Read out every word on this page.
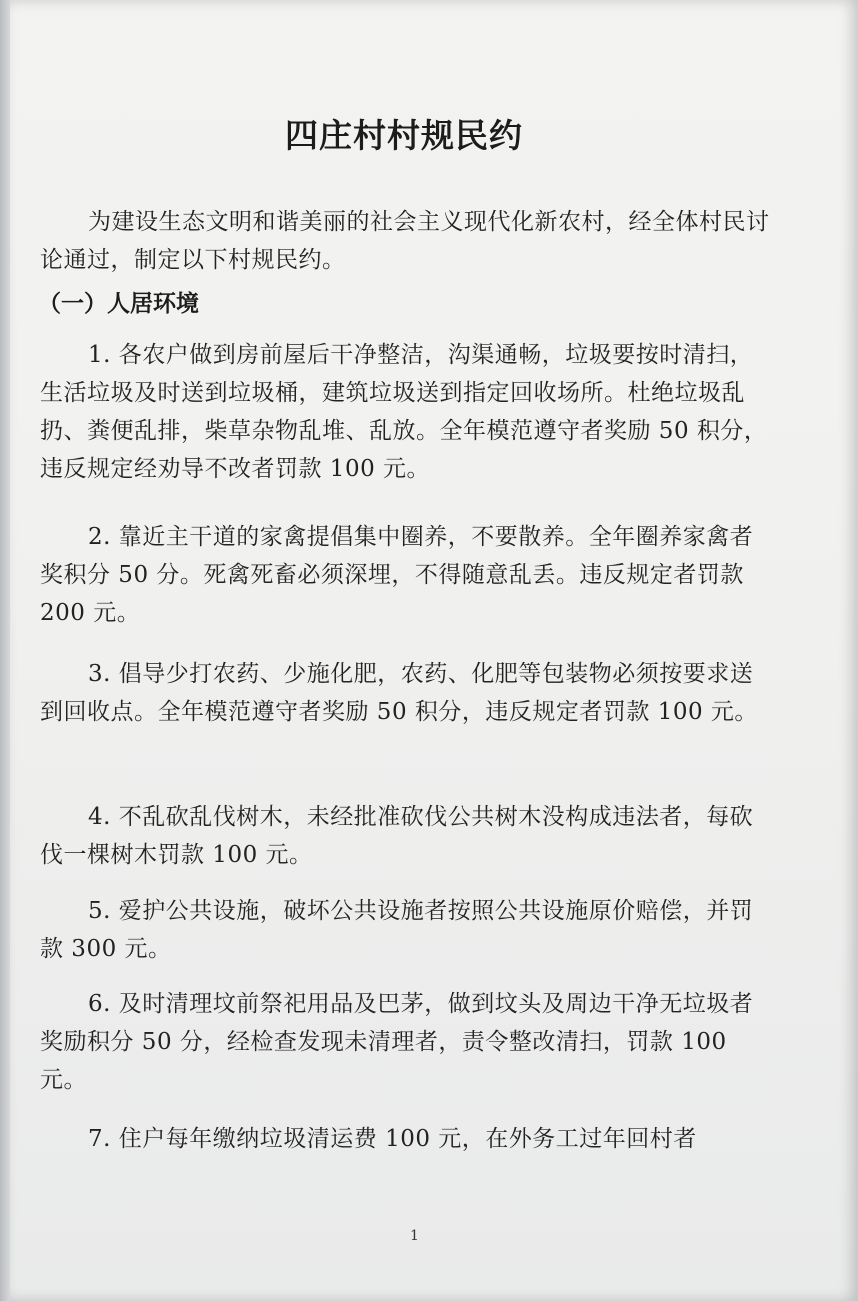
四庄村村规民约
为建设生态文明和谐美丽的社会主义现代化新农村，经全体村民讨论通过，制定以下村规民约。
（一）人居环境
1. 各农户做到房前屋后干净整洁，沟渠通畅，垃圾要按时清扫，生活垃圾及时送到垃圾桶，建筑垃圾送到指定回收场所。杜绝垃圾乱扔、粪便乱排，柴草杂物乱堆、乱放。全年模范遵守者奖励 50 积分，违反规定经劝导不改者罚款 100 元。
2. 靠近主干道的家禽提倡集中圈养，不要散养。全年圈养家禽者奖积分 50 分。死禽死畜必须深埋，不得随意乱丢。违反规定者罚款 200 元。
3. 倡导少打农药、少施化肥，农药、化肥等包装物必须按要求送到回收点。全年模范遵守者奖励 50 积分，违反规定者罚款 100 元。
4. 不乱砍乱伐树木，未经批准砍伐公共树木没构成违法者，每砍伐一棵树木罚款 100 元。
5. 爱护公共设施，破坏公共设施者按照公共设施原价赔偿，并罚款 300 元。
6. 及时清理坟前祭祀用品及巴茅，做到坟头及周边干净无垃圾者奖励积分 50 分，经检查发现未清理者，责令整改清扫，罚款 100 元。
7. 住户每年缴纳垃圾清运费 100 元，在外务工过年回村者
1
